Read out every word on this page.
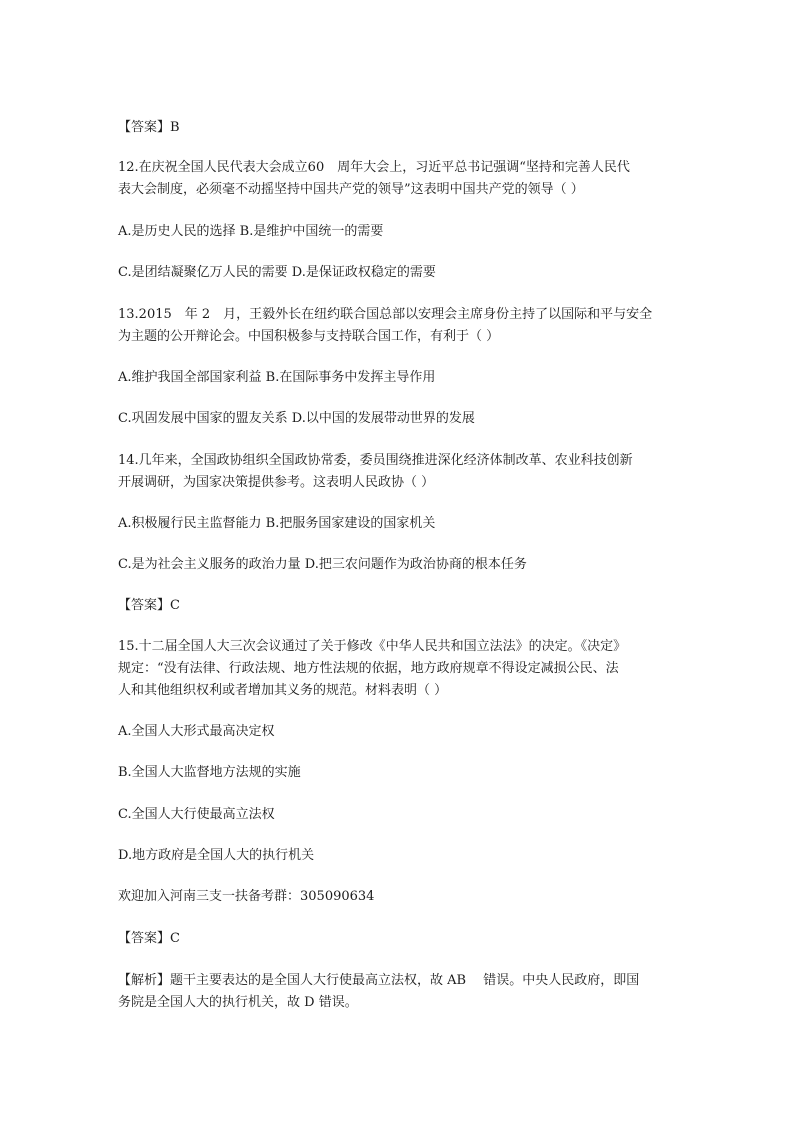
【答案】B
12.在庆祝全国人民代表大会成立60　周年大会上，习近平总书记强调“坚持和完善人民代
表大会制度，必须毫不动摇坚持中国共产党的领导”这表明中国共产党的领导（ ）
A.是历史人民的选择 B.是维护中国统一的需要
C.是团结凝聚亿万人民的需要 D.是保证政权稳定的需要
13.2015　年 2　月，王毅外长在纽约联合国总部以安理会主席身份主持了以国际和平与安全
为主题的公开辩论会。中国积极参与支持联合国工作，有利于（ ）
A.维护我国全部国家利益 B.在国际事务中发挥主导作用
C.巩固发展中国家的盟友关系 D.以中国的发展带动世界的发展
14.几年来，全国政协组织全国政协常委，委员围绕推进深化经济体制改革、农业科技创新
开展调研，为国家决策提供参考。这表明人民政协（ ）
A.积极履行民主监督能力 B.把服务国家建设的国家机关
C.是为社会主义服务的政治力量 D.把三农问题作为政治协商的根本任务
【答案】C
15.十二届全国人大三次会议通过了关于修改《中华人民共和国立法法》的决定。《决定》
规定：“没有法律、行政法规、地方性法规的依据，地方政府规章不得设定减损公民、法
人和其他组织权利或者增加其义务的规范。材料表明（ ）
A.全国人大形式最高决定权
B.全国人大监督地方法规的实施
C.全国人大行使最高立法权
D.地方政府是全国人大的执行机关
欢迎加入河南三支一扶备考群：305090634
【答案】C
【解析】题干主要表达的是全国人大行使最高立法权，故 AB　 错误。中央人民政府，即国
务院是全国人大的执行机关，故 D 错误。
